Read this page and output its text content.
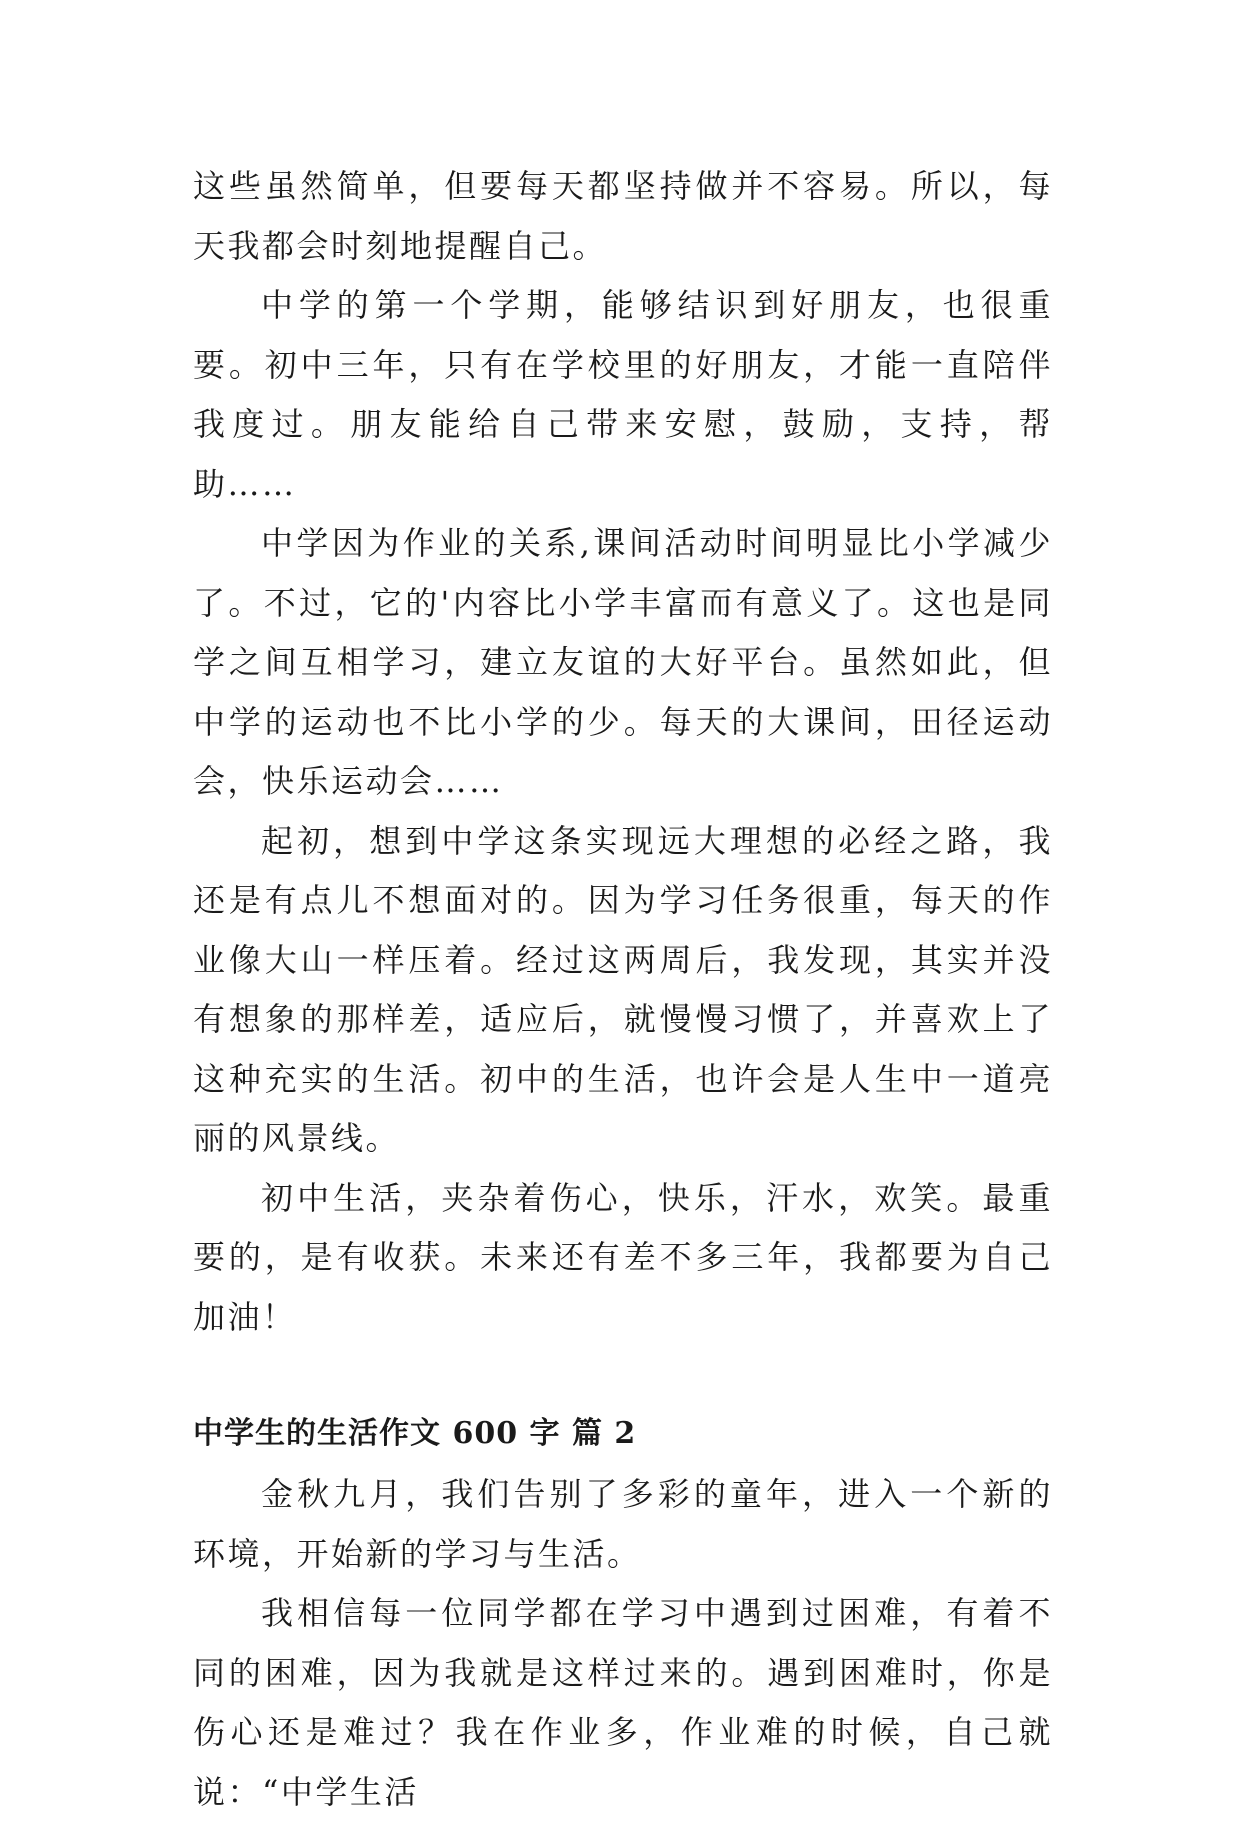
这些虽然简单，但要每天都坚持做并不容易。所以，每天我都会时刻地提醒自己。

中学的第一个学期，能够结识到好朋友，也很重要。初中三年，只有在学校里的好朋友，才能一直陪伴我度过。朋友能给自己带来安慰，鼓励，支持，帮助……

中学因为作业的关系,课间活动时间明显比小学减少了。不过，它的'内容比小学丰富而有意义了。这也是同学之间互相学习，建立友谊的大好平台。虽然如此，但中学的运动也不比小学的少。每天的大课间，田径运动会，快乐运动会……

起初，想到中学这条实现远大理想的必经之路，我还是有点儿不想面对的。因为学习任务很重，每天的作业像大山一样压着。经过这两周后，我发现，其实并没有想象的那样差，适应后，就慢慢习惯了，并喜欢上了这种充实的生活。初中的生活，也许会是人生中一道亮丽的风景线。

初中生活，夹杂着伤心，快乐，汗水，欢笑。最重要的，是有收获。未来还有差不多三年，我都要为自己加油！

中学生的生活作文 600 字 篇 2

金秋九月，我们告别了多彩的童年，进入一个新的环境，开始新的学习与生活。

我相信每一位同学都在学习中遇到过困难，有着不同的困难，因为我就是这样过来的。遇到困难时，你是伤心还是难过？我在作业多，作业难的时候，自己就说：“中学生活
